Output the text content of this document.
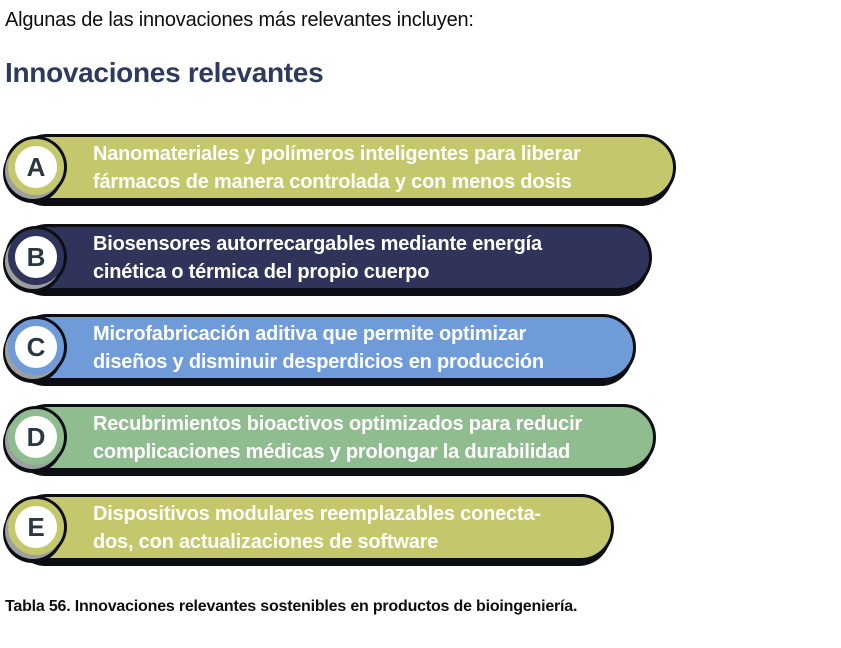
Algunas de las innovaciones más relevantes incluyen:

Innovaciones relevantes
A Nanomateriales y polímeros inteligentes para liberar
fármacos de manera controlada y con menos dosis
B Biosensores autorrecargables mediante energía
cinética o térmica del propio cuerpo
C Microfabricación aditiva que permite optimizar
diseños y disminuir desperdicios en producción
D Recubrimientos bioactivos optimizados para reducir
complicaciones médicas y prolongar la durabilidad
E Dispositivos modulares reemplazables conecta-
dos, con actualizaciones de software

Tabla 56. Innovaciones relevantes sostenibles en productos de bioingeniería.
